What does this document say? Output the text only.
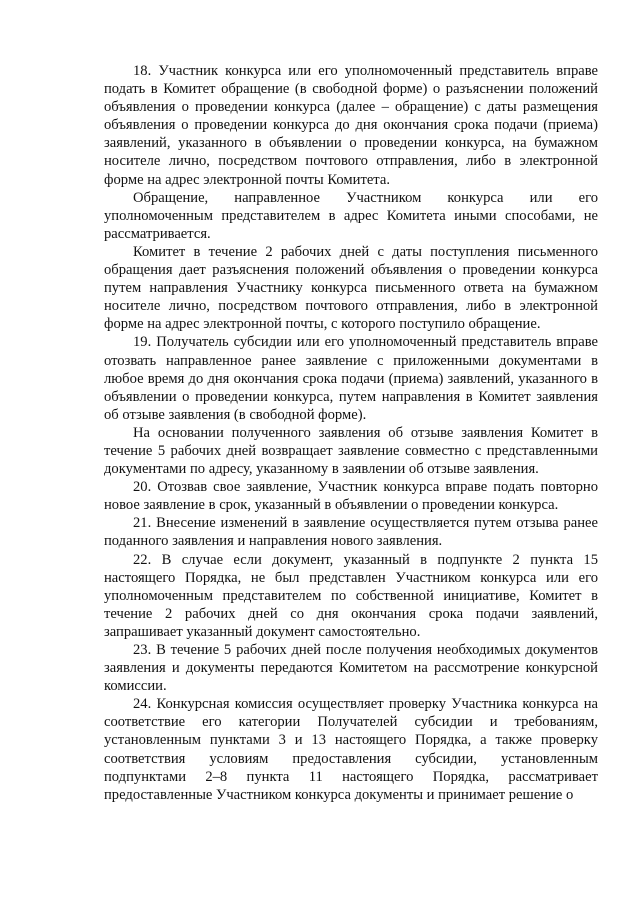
18. Участник конкурса или его уполномоченный представитель вправе подать в Комитет обращение (в свободной форме) о разъяснении положений объявления о проведении конкурса (далее – обращение) с даты размещения объявления о проведении конкурса до дня окончания срока подачи (приема) заявлений, указанного в объявлении о проведении конкурса, на бумажном носителе лично, посредством почтового отправления, либо в электронной форме на адрес электронной почты Комитета.

Обращение, направленное Участником конкурса или его уполномоченным представителем в адрес Комитета иными способами, не рассматривается.

Комитет в течение 2 рабочих дней с даты поступления письменного обращения дает разъяснения положений объявления о проведении конкурса путем направления Участнику конкурса письменного ответа на бумажном носителе лично, посредством почтового отправления, либо в электронной форме на адрес электронной почты, с которого поступило обращение.

19. Получатель субсидии или его уполномоченный представитель вправе отозвать направленное ранее заявление с приложенными документами в любое время до дня окончания срока подачи (приема) заявлений, указанного в объявлении о проведении конкурса, путем направления в Комитет заявления об отзыве заявления (в свободной форме).

На основании полученного заявления об отзыве заявления Комитет в течение 5 рабочих дней возвращает заявление совместно с представленными документами по адресу, указанному в заявлении об отзыве заявления.

20. Отозвав свое заявление, Участник конкурса вправе подать повторно новое заявление в срок, указанный в объявлении о проведении конкурса.

21. Внесение изменений в заявление осуществляется путем отзыва ранее поданного заявления и направления нового заявления.

22. В случае если документ, указанный в подпункте 2 пункта 15 настоящего Порядка, не был представлен Участником конкурса или его уполномоченным представителем по собственной инициативе, Комитет в течение 2 рабочих дней со дня окончания срока подачи заявлений, запрашивает указанный документ самостоятельно.

23. В течение 5 рабочих дней после получения необходимых документов заявления и документы передаются Комитетом на рассмотрение конкурсной комиссии.

24. Конкурсная комиссия осуществляет проверку Участника конкурса на соответствие его категории Получателей субсидии и требованиям, установленным пунктами 3 и 13 настоящего Порядка, а также проверку соответствия условиям предоставления субсидии, установленным подпунктами 2–8 пункта 11 настоящего Порядка, рассматривает предоставленные Участником конкурса документы и принимает решение о
